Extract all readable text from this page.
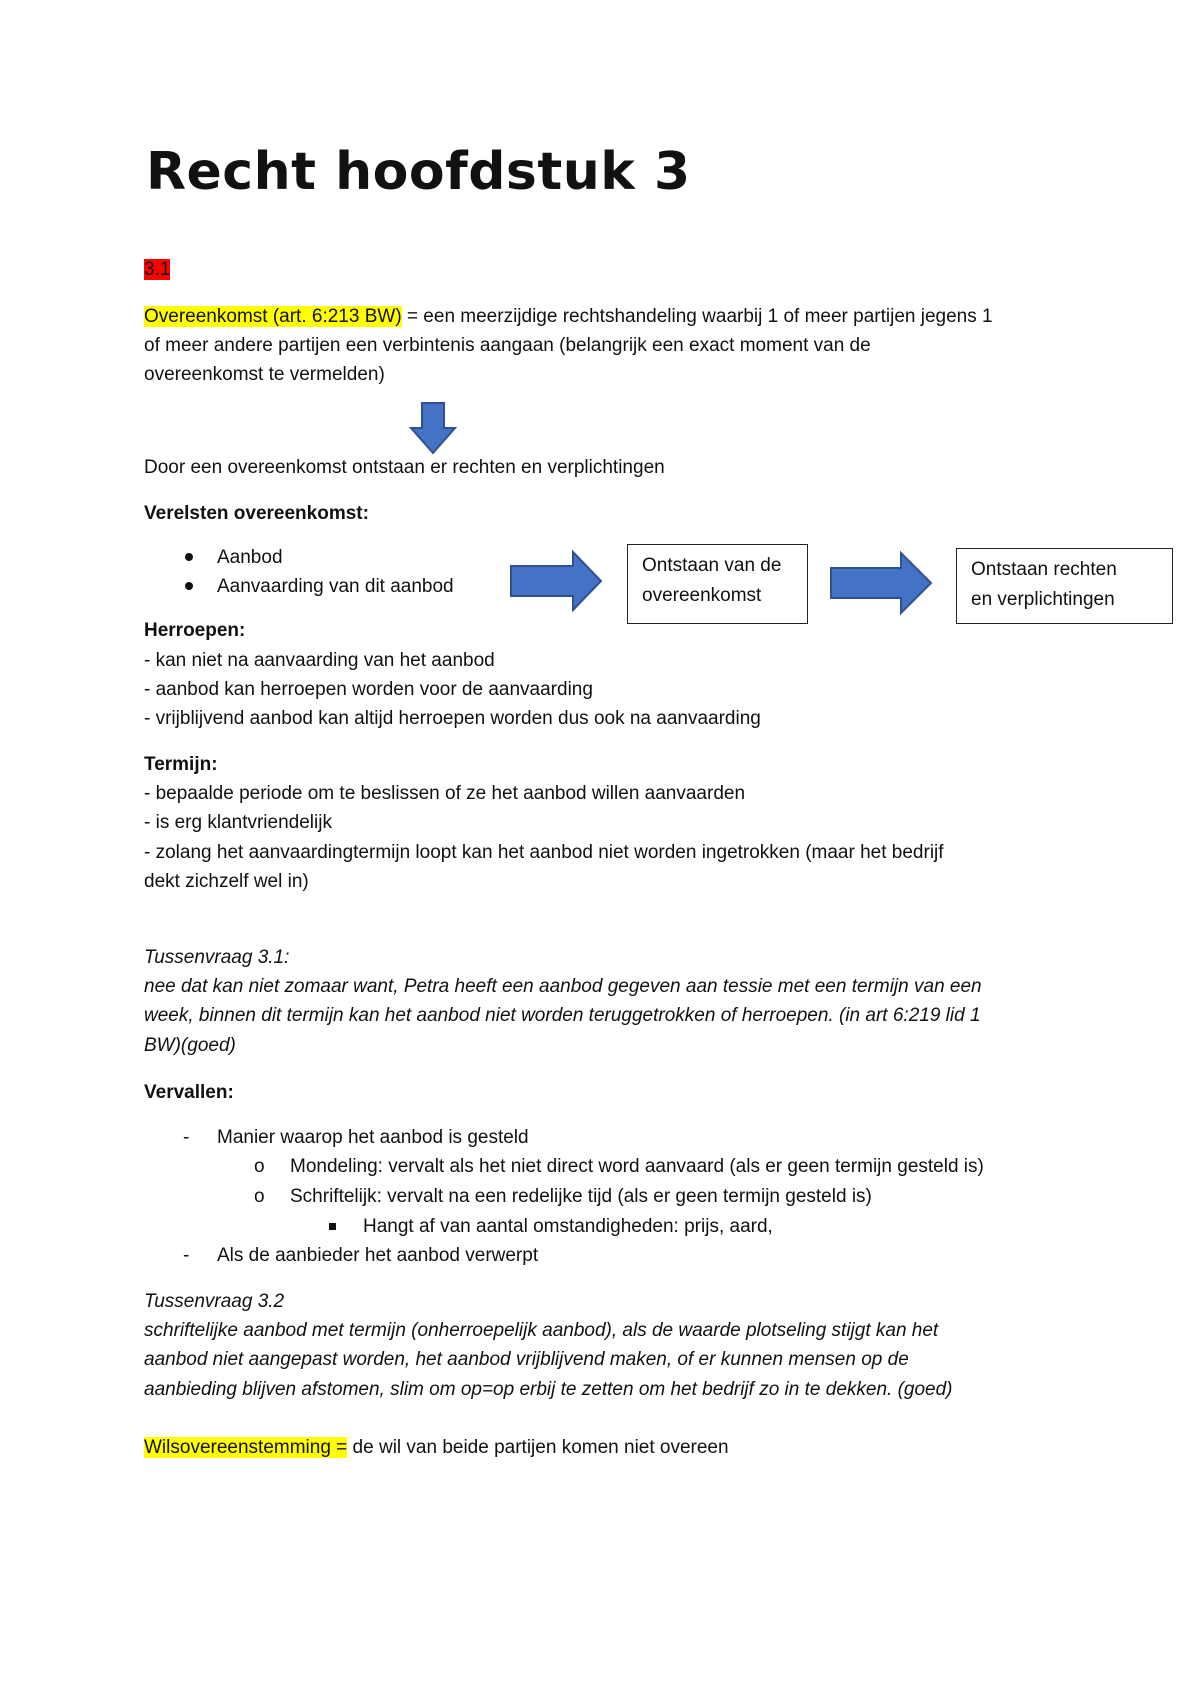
Recht hoofdstuk 3
3.1
Overeenkomst (art. 6:213 BW) = een meerzijdige rechtshandeling waarbij 1 of meer partijen jegens 1
of meer andere partijen een verbintenis aangaan (belangrijk een exact moment van de
overeenkomst te vermelden)
Door een overeenkomst ontstaan er rechten en verplichtingen
Verelsten overeenkomst:
Aanbod
Aanvaarding van dit aanbod
Ontstaan van de
overeenkomst
Ontstaan rechten
en verplichtingen
Herroepen:
- kan niet na aanvaarding van het aanbod
- aanbod kan herroepen worden voor de aanvaarding
- vrijblijvend aanbod kan altijd herroepen worden dus ook na aanvaarding
Termijn:
- bepaalde periode om te beslissen of ze het aanbod willen aanvaarden
- is erg klantvriendelijk
- zolang het aanvaardingtermijn loopt kan het aanbod niet worden ingetrokken (maar het bedrijf
dekt zichzelf wel in)
Tussenvraag 3.1:
nee dat kan niet zomaar want, Petra heeft een aanbod gegeven aan tessie met een termijn van een
week, binnen dit termijn kan het aanbod niet worden teruggetrokken of herroepen. (in art 6:219 lid 1
BW)(goed)
Vervallen:
- Manier waarop het aanbod is gesteld
o Mondeling: vervalt als het niet direct word aanvaard (als er geen termijn gesteld is)
o Schriftelijk: vervalt na een redelijke tijd (als er geen termijn gesteld is)
Hangt af van aantal omstandigheden: prijs, aard,
- Als de aanbieder het aanbod verwerpt
Tussenvraag 3.2
schriftelijke aanbod met termijn (onherroepelijk aanbod), als de waarde plotseling stijgt kan het
aanbod niet aangepast worden, het aanbod vrijblijvend maken, of er kunnen mensen op de
aanbieding blijven afstomen, slim om op=op erbij te zetten om het bedrijf zo in te dekken. (goed)
Wilsovereenstemming = de wil van beide partijen komen niet overeen
